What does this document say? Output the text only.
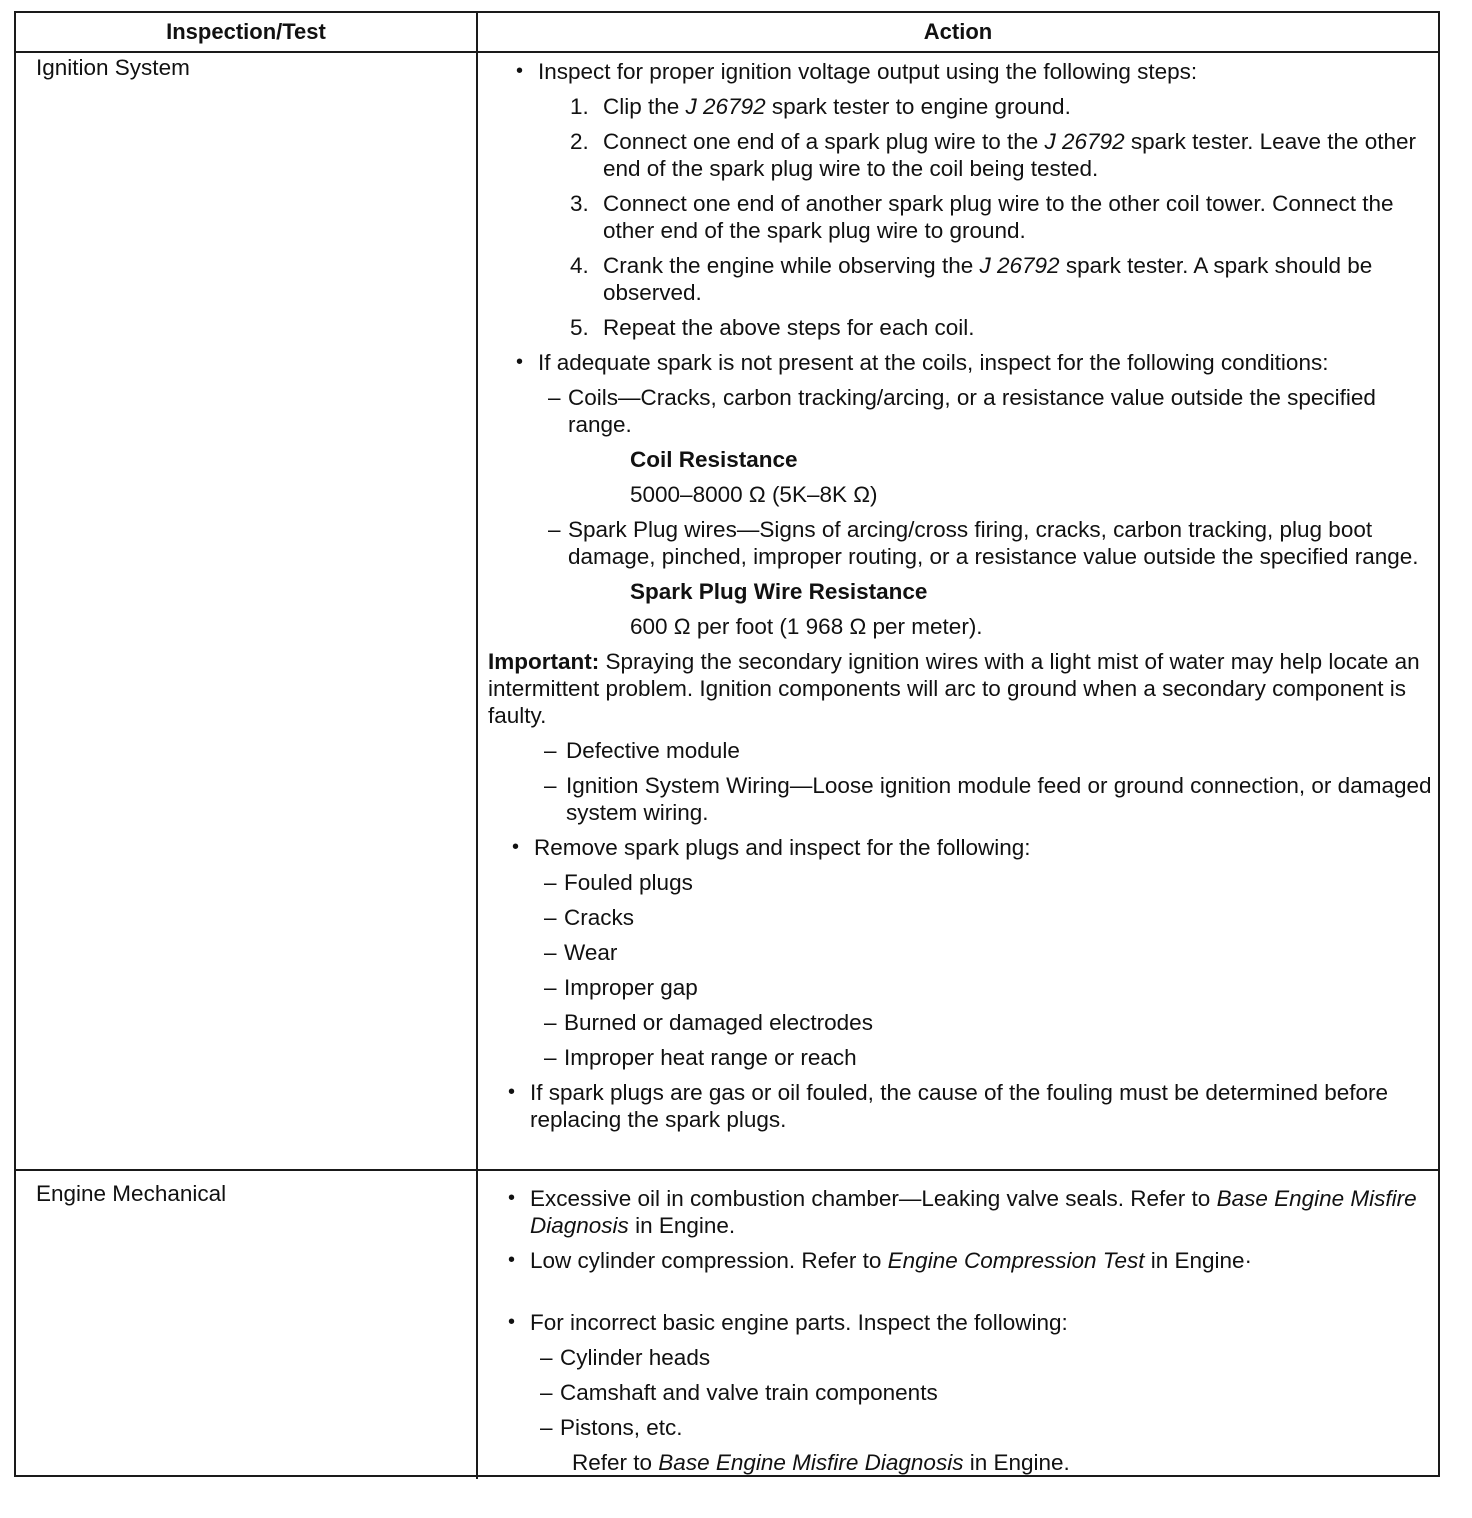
Inspection/Test	Action
Ignition System	• Inspect for proper ignition voltage output using the following steps:
1. Clip the J 26792 spark tester to engine ground.
2. Connect one end of a spark plug wire to the J 26792 spark tester. Leave the other end of the spark plug wire to the coil being tested.
3. Connect one end of another spark plug wire to the other coil tower. Connect the other end of the spark plug wire to ground.
4. Crank the engine while observing the J 26792 spark tester. A spark should be observed.
5. Repeat the above steps for each coil.
• If adequate spark is not present at the coils, inspect for the following conditions:
– Coils—Cracks, carbon tracking/arcing, or a resistance value outside the specified range.
Coil Resistance
5000–8000 Ω (5K–8K Ω)
– Spark Plug wires—Signs of arcing/cross firing, cracks, carbon tracking, plug boot damage, pinched, improper routing, or a resistance value outside the specified range.
Spark Plug Wire Resistance
600 Ω per foot (1 968 Ω per meter).
Important: Spraying the secondary ignition wires with a light mist of water may help locate an intermittent problem. Ignition components will arc to ground when a secondary component is faulty.
– Defective module
– Ignition System Wiring—Loose ignition module feed or ground connection, or damaged system wiring.
• Remove spark plugs and inspect for the following:
– Fouled plugs
– Cracks
– Wear
– Improper gap
– Burned or damaged electrodes
– Improper heat range or reach
• If spark plugs are gas or oil fouled, the cause of the fouling must be determined before replacing the spark plugs.
Engine Mechanical	• Excessive oil in combustion chamber—Leaking valve seals. Refer to Base Engine Misfire Diagnosis in Engine.
• Low cylinder compression. Refer to Engine Compression Test in Engine·
• For incorrect basic engine parts. Inspect the following:
– Cylinder heads
– Camshaft and valve train components
– Pistons, etc.
Refer to Base Engine Misfire Diagnosis in Engine.
